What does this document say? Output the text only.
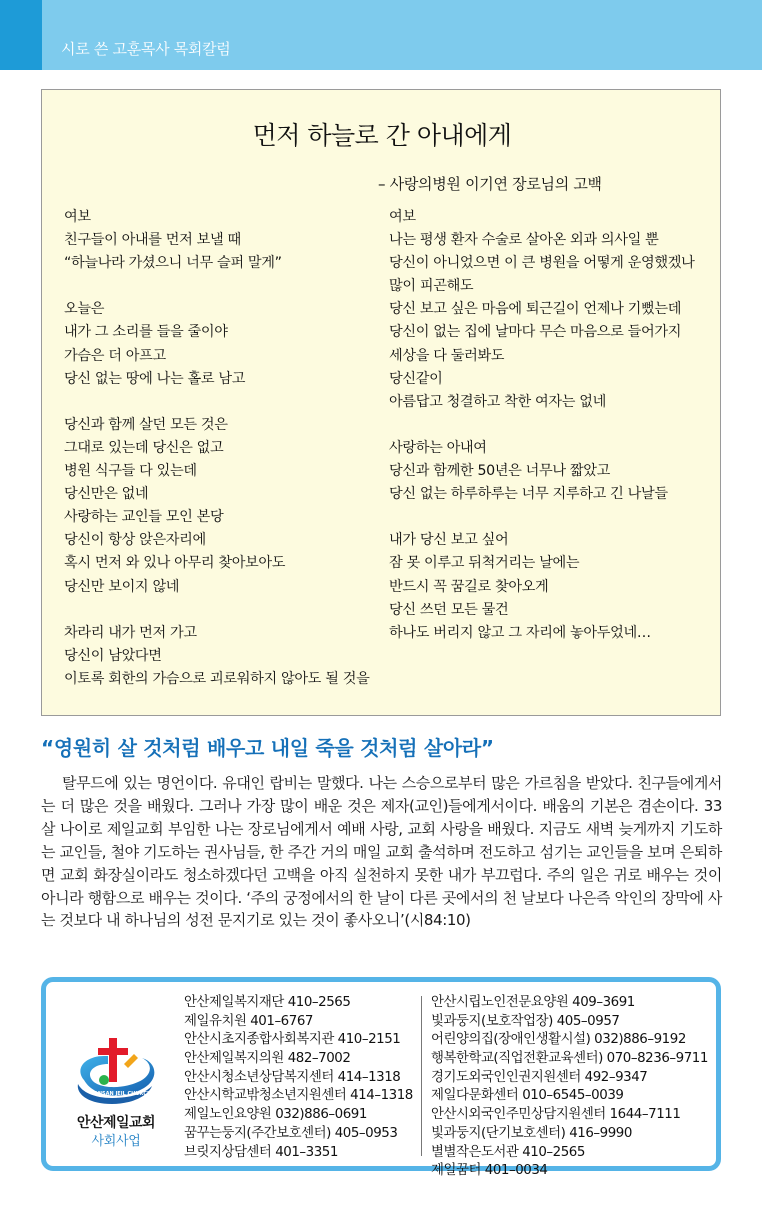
시로 쓴 고훈목사 목회칼럼
먼저 하늘로 간 아내에게
– 사랑의병원 이기연 장로님의 고백
여보
친구들이 아내를 먼저 보낼 때
“하늘나라 가셨으니 너무 슬퍼 말게”
오늘은
내가 그 소리를 들을 줄이야
가슴은 더 아프고
당신 없는 땅에 나는 홀로 남고
당신과 함께 살던 모든 것은
그대로 있는데 당신은 없고
병원 식구들 다 있는데
당신만은 없네
사랑하는 교인들 모인 본당
당신이 항상 앉은자리에
혹시 먼저 와 있나 아무리 찾아보아도
당신만 보이지 않네
차라리 내가 먼저 가고
당신이 남았다면
이토록 회한의 가슴으로 괴로워하지 않아도 될 것을
여보
나는 평생 환자 수술로 살아온 외과 의사일 뿐
당신이 아니었으면 이 큰 병원을 어떻게 운영했겠나
많이 피곤해도
당신 보고 싶은 마음에 퇴근길이 언제나 기뻤는데
당신이 없는 집에 날마다 무슨 마음으로 들어가지
세상을 다 둘러봐도
당신같이
아름답고 청결하고 착한 여자는 없네
사랑하는 아내여
당신과 함께한 50년은 너무나 짧았고
당신 없는 하루하루는 너무 지루하고 긴 나날들
내가 당신 보고 싶어
잠 못 이루고 뒤척거리는 날에는
반드시 꼭 꿈길로 찾아오게
당신 쓰던 모든 물건
하나도 버리지 않고 그 자리에 놓아두었네…
“영원히 살 것처럼 배우고 내일 죽을 것처럼 살아라”
탈무드에 있는 명언이다. 유대인 랍비는 말했다. 나는 스승으로부터 많은 가르침을 받았다. 친구들에게서는 더 많은 것을 배웠다. 그러나 가장 많이 배운 것은 제자(교인)들에게서이다. 배움의 기본은 겸손이다. 33살 나이로 제일교회 부임한 나는 장로님에게서 예배 사랑, 교회 사랑을 배웠다. 지금도 새벽 늦게까지 기도하는 교인들, 철야 기도하는 권사님들, 한 주간 거의 매일 교회 출석하며 전도하고 섬기는 교인들을 보며 은퇴하면 교회 화장실이라도 청소하겠다던 고백을 아직 실천하지 못한 내가 부끄럽다. 주의 일은 귀로 배우는 것이 아니라 행함으로 배우는 것이다. ‘주의 궁정에서의 한 날이 다른 곳에서의 천 날보다 나은즉 악인의 장막에 사는 것보다 내 하나님의 성전 문지기로 있는 것이 좋사오니’(시84:10)
ANSAN JEIL CHURCH
안산제일교회
사회사업
안산제일복지재단 410–2565
제일유치원 401–6767
안산시초지종합사회복지관 410–2151
안산제일복지의원 482–7002
안산시청소년상담복지센터 414–1318
안산시학교밖청소년지원센터 414–1318
제일노인요양원 032)886–0691
꿈꾸는둥지(주간보호센터) 405–0953
브릿지상담센터 401–3351
안산시립노인전문요양원 409–3691
빛과둥지(보호작업장) 405–0957
어린양의집(장애인생활시설) 032)886–9192
행복한학교(직업전환교육센터) 070–8236–9711
경기도외국인인권지원센터 492–9347
제일다문화센터 010–6545–0039
안산시외국인주민상담지원센터 1644–7111
빛과둥지(단기보호센터) 416–9990
별별작은도서관 410–2565
제일꿈터 401–0034
